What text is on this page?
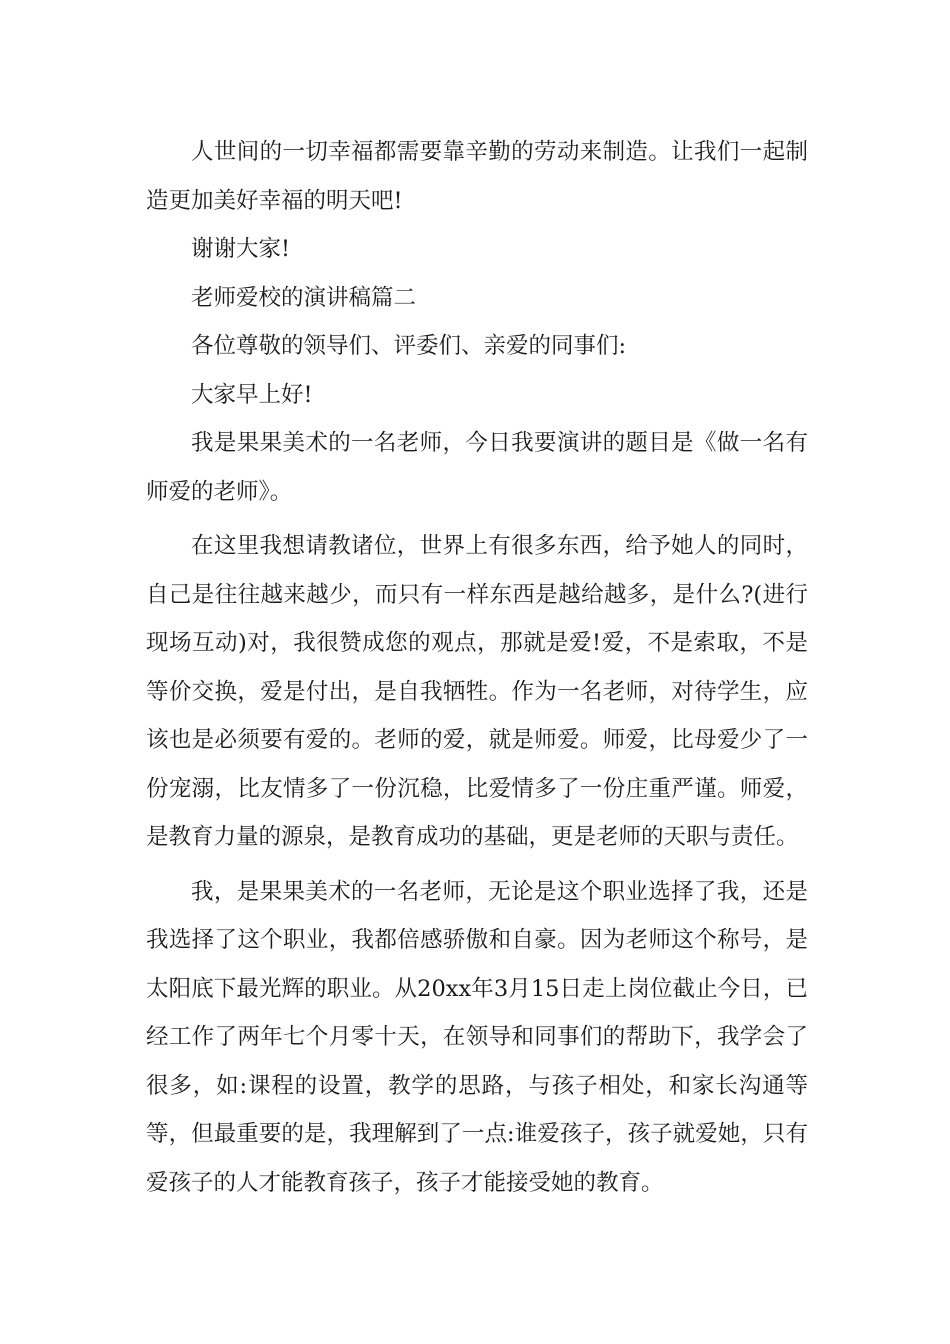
人世间的一切幸福都需要靠辛勤的劳动来制造。让我们一起制造更加美好幸福的明天吧!

谢谢大家!

老师爱校的演讲稿篇二

各位尊敬的领导们、评委们、亲爱的同事们:

大家早上好!

我是果果美术的一名老师，今日我要演讲的题目是《做一名有师爱的老师》。

在这里我想请教诸位，世界上有很多东西，给予她人的同时，自己是往往越来越少，而只有一样东西是越给越多，是什么?(进行现场互动)对，我很赞成您的观点，那就是爱!爱，不是索取，不是等价交换，爱是付出，是自我牺牲。作为一名老师，对待学生，应该也是必须要有爱的。老师的爱，就是师爱。师爱，比母爱少了一份宠溺，比友情多了一份沉稳，比爱情多了一份庄重严谨。师爱，是教育力量的源泉，是教育成功的基础，更是老师的天职与责任。

我，是果果美术的一名老师，无论是这个职业选择了我，还是我选择了这个职业，我都倍感骄傲和自豪。因为老师这个称号，是太阳底下最光辉的职业。从20xx年3月15日走上岗位截止今日，已经工作了两年七个月零十天，在领导和同事们的帮助下，我学会了很多，如:课程的设置，教学的思路，与孩子相处，和家长沟通等等，但最重要的是，我理解到了一点:谁爱孩子，孩子就爱她，只有爱孩子的人才能教育孩子，孩子才能接受她的教育。
